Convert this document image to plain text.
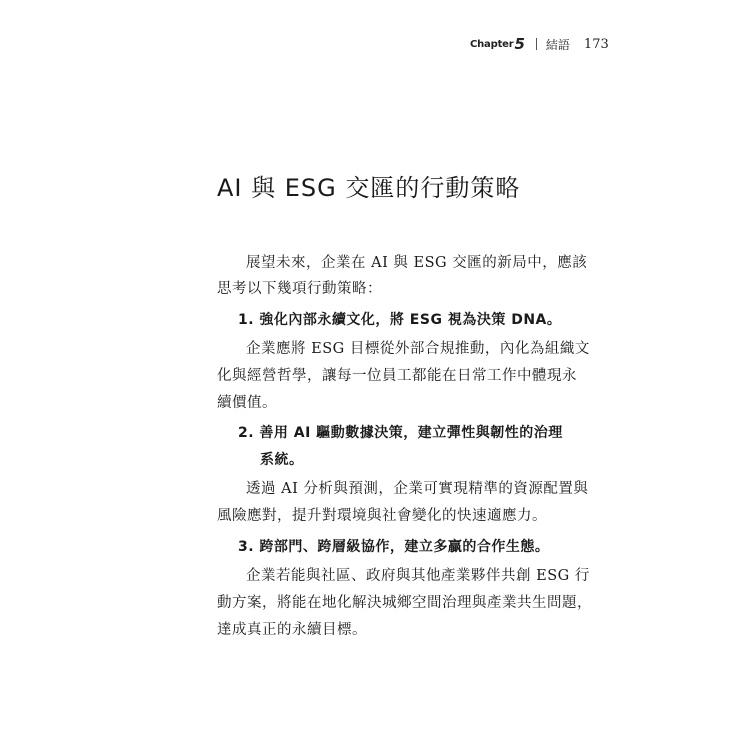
Chapter 5 結語 173
AI 與 ESG 交匯的行動策略
展望未來，企業在 AI 與 ESG 交匯的新局中，應該
思考以下幾項行動策略：
1. 強化內部永續文化，將 ESG 視為決策 DNA。
企業應將 ESG 目標從外部合規推動，內化為組織文
化與經營哲學，讓每一位員工都能在日常工作中體現永
續價值。
2. 善用 AI 驅動數據決策，建立彈性與韌性的治理
系統。
透過 AI 分析與預測，企業可實現精準的資源配置與
風險應對，提升對環境與社會變化的快速適應力。
3. 跨部門、跨層級協作，建立多贏的合作生態。
企業若能與社區、政府與其他產業夥伴共創 ESG 行
動方案，將能在地化解決城鄉空間治理與產業共生問題，
達成真正的永續目標。
